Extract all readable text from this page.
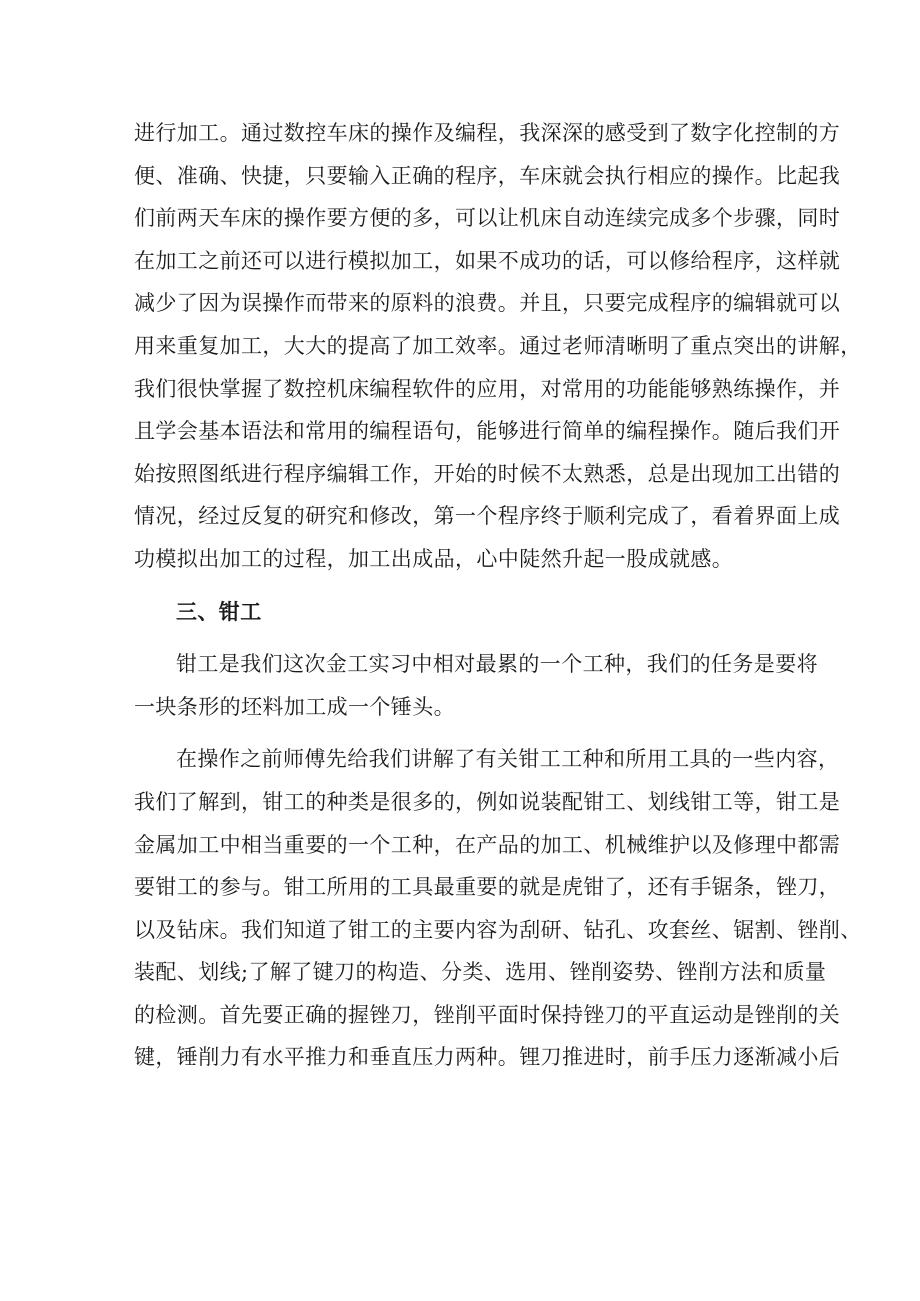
进行加工。通过数控车床的操作及编程，我深深的感受到了数字化控制的方
便、准确、快捷，只要输入正确的程序，车床就会执行相应的操作。比起我
们前两天车床的操作要方便的多，可以让机床自动连续完成多个步骤，同时
在加工之前还可以进行模拟加工，如果不成功的话，可以修给程序，这样就
减少了因为误操作而带来的原料的浪费。并且，只要完成程序的编辑就可以
用来重复加工，大大的提高了加工效率。通过老师清晰明了重点突出的讲解，
我们很快掌握了数控机床编程软件的应用，对常用的功能能够熟练操作，并
且学会基本语法和常用的编程语句，能够进行简单的编程操作。随后我们开
始按照图纸进行程序编辑工作，开始的时候不太熟悉，总是出现加工出错的
情况，经过反复的研究和修改，第一个程序终于顺利完成了，看着界面上成
功模拟出加工的过程，加工出成品，心中陡然升起一股成就感。
三、钳工
钳工是我们这次金工实习中相对最累的一个工种，我们的任务是要将
一块条形的坯料加工成一个锤头。
在操作之前师傅先给我们讲解了有关钳工工种和所用工具的一些内容，
我们了解到，钳工的种类是很多的，例如说装配钳工、划线钳工等，钳工是
金属加工中相当重要的一个工种，在产品的加工、机械维护以及修理中都需
要钳工的参与。钳工所用的工具最重要的就是虎钳了，还有手锯条，锉刀，
以及钻床。我们知道了钳工的主要内容为刮研、钻孔、攻套丝、锯割、锉削、
装配、划线;了解了键刀的构造、分类、选用、锉削姿势、锉削方法和质量
的检测。首先要正确的握锉刀，锉削平面时保持锉刀的平直运动是锉削的关
键，锤削力有水平推力和垂直压力两种。锂刀推进时，前手压力逐渐减小后
